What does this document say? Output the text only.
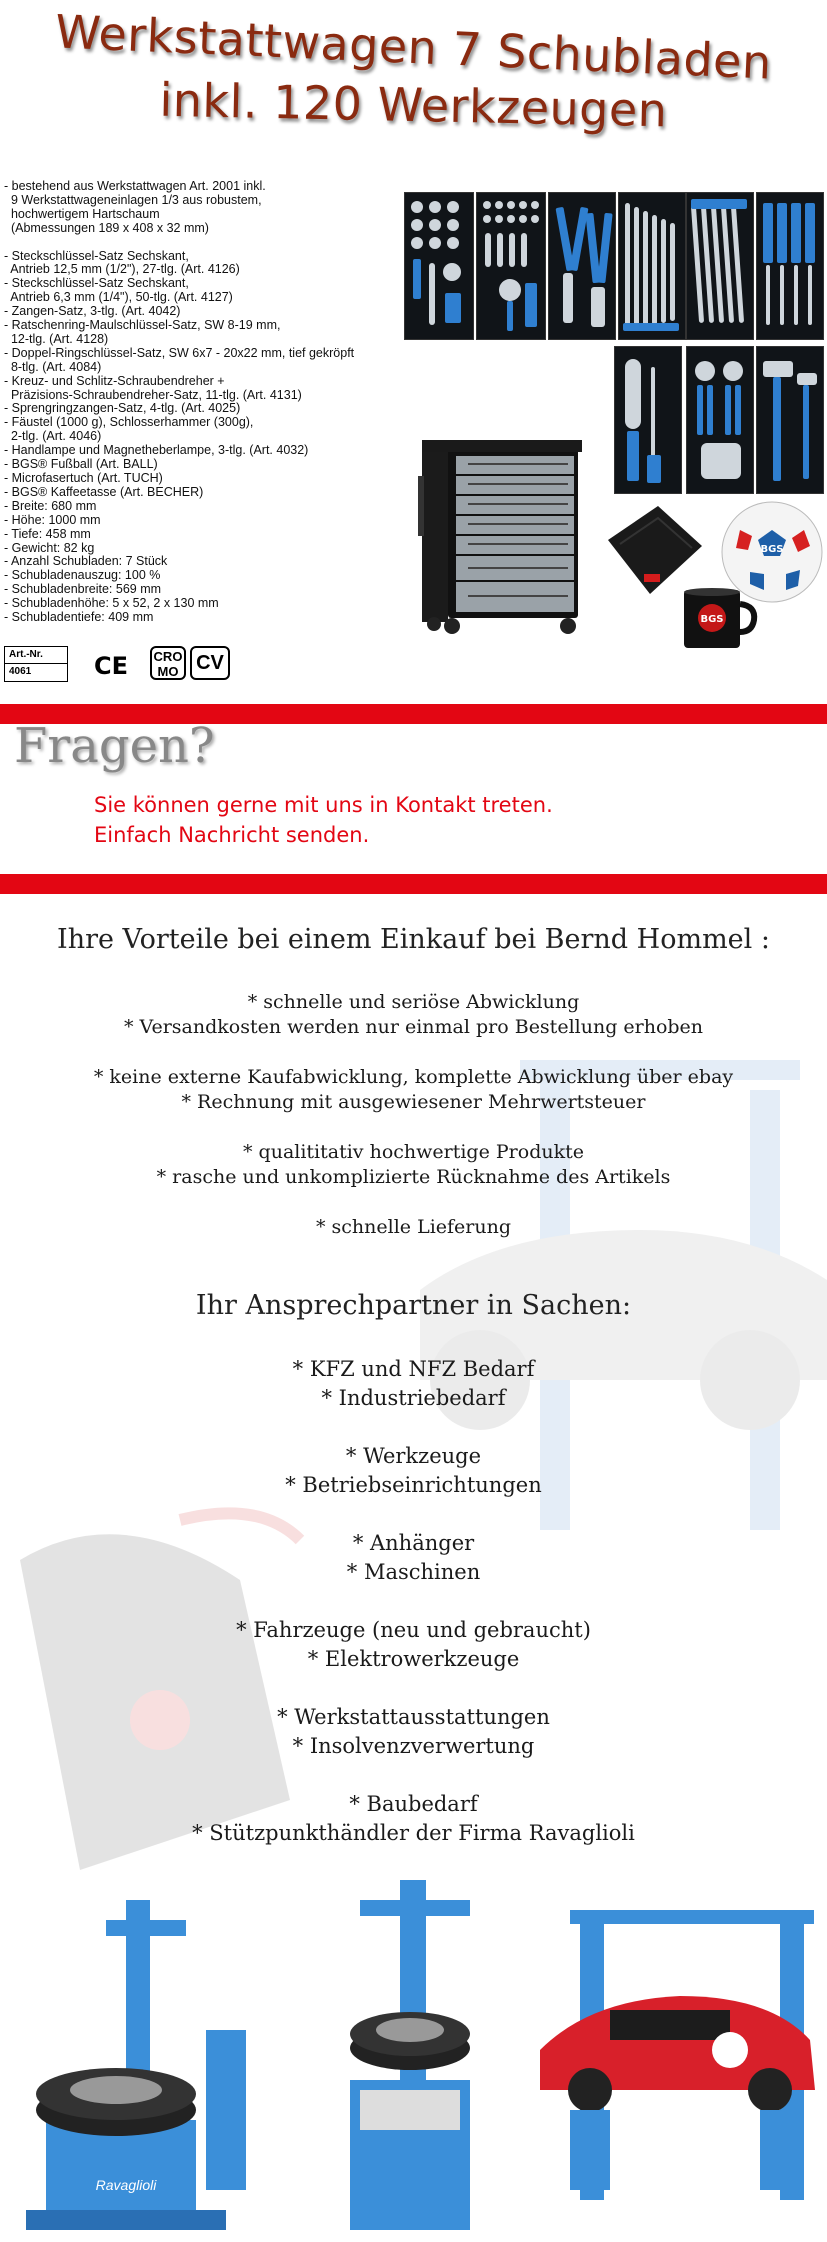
Werkstattwagen 7 Schubladen
inkl. 120 Werkzeugen
- bestehend aus Werkstattwagen Art. 2001 inkl.
9 Werkstattwageneinlagen 1/3 aus robustem,
hochwertigem Hartschaum
(Abmessungen 189 x 408 x 32 mm)
- Steckschlüssel-Satz Sechskant,
Antrieb 12,5 mm (1/2"), 27-tlg. (Art. 4126)
- Steckschlüssel-Satz Sechskant,
Antrieb 6,3 mm (1/4"), 50-tlg. (Art. 4127)
- Zangen-Satz, 3-tlg. (Art. 4042)
- Ratschenring-Maulschlüssel-Satz, SW 8-19 mm,
12-tlg. (Art. 4128)
- Doppel-Ringschlüssel-Satz, SW 6x7 - 20x22 mm, tief gekröpft
8-tlg. (Art. 4084)
- Kreuz- und Schlitz-Schraubendreher +
Präzisions-Schraubendreher-Satz, 11-tlg. (Art. 4131)
- Sprengringzangen-Satz, 4-tlg. (Art. 4025)
- Fäustel (1000 g), Schlosserhammer (300g),
2-tlg. (Art. 4046)
- Handlampe und Magnetheberlampe, 3-tlg. (Art. 4032)
- BGS® Fußball (Art. BALL)
- Microfasertuch (Art. TUCH)
- BGS® Kaffeetasse (Art. BECHER)
- Breite: 680 mm
- Höhe: 1000 mm
- Tiefe: 458 mm
- Gewicht: 82 kg
- Anzahl Schubladen: 7 Stück
- Schubladenauszug: 100 %
- Schubladenbreite: 569 mm
- Schubladenhöhe: 5 x 52, 2 x 130 mm
- Schubladentiefe: 409 mm
Art.-Nr.
4061	CE CRO
MO CV
BGS
BGS
Fragen?
Sie können gerne mit uns in Kontakt treten.
Einfach Nachricht senden.
Ihre Vorteile bei einem Einkauf bei Bernd Hommel :
* schnelle und seriöse Abwicklung
* Versandkosten werden nur einmal pro Bestellung erhoben
* keine externe Kaufabwicklung, komplette Abwicklung über ebay
* Rechnung mit ausgewiesener Mehrwertsteuer
* qualititativ hochwertige Produkte
* rasche und unkomplizierte Rücknahme des Artikels
* schnelle Lieferung
Ihr Ansprechpartner in Sachen:
* KFZ und NFZ Bedarf
* Industriebedarf
* Werkzeuge
* Betriebseinrichtungen
* Anhänger
* Maschinen
* Fahrzeuge (neu und gebraucht)
* Elektrowerkzeuge
* Werkstattausstattungen
* Insolvenzverwertung
* Baubedarf
* Stützpunkthändler der Firma Ravaglioli
Ravaglioli
